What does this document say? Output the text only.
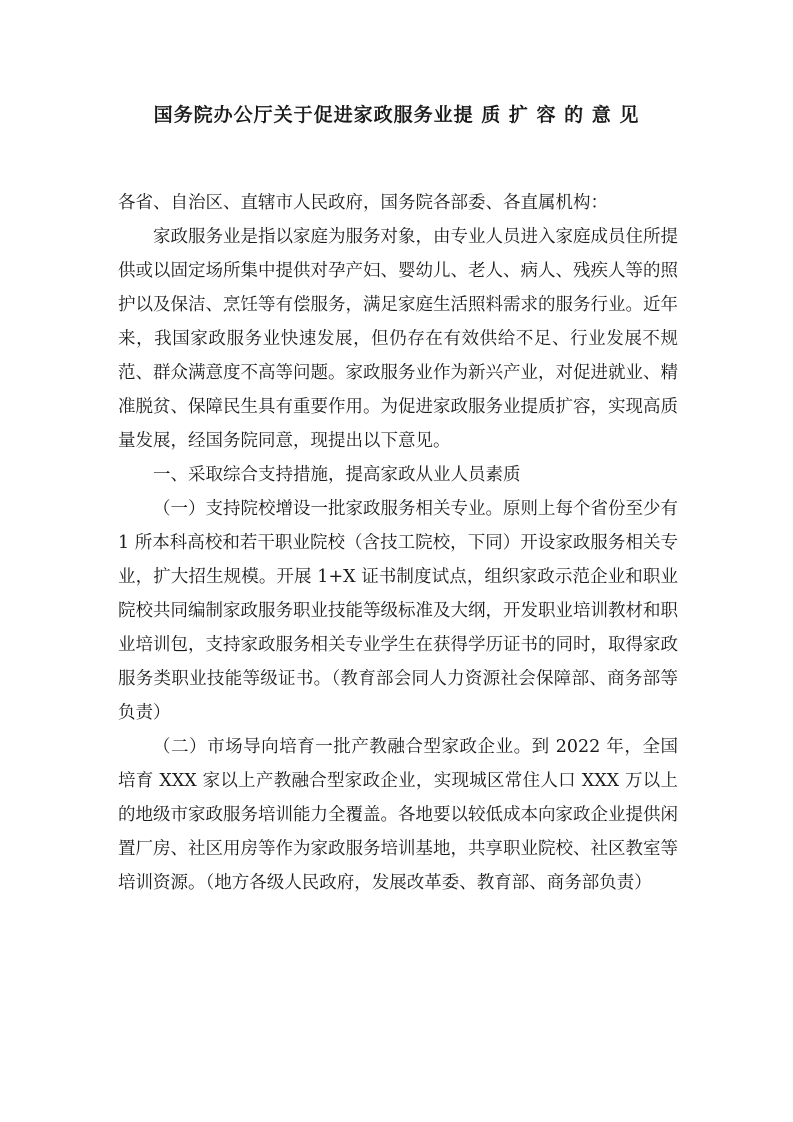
国务院办公厅关于促进家政服务业提 质 扩 容 的 意 见

各省、自治区、直辖市人民政府，国务院各部委、各直属机构：

家政服务业是指以家庭为服务对象，由专业人员进入家庭成员住所提供或以固定场所集中提供对孕产妇、婴幼儿、老人、病人、残疾人等的照护以及保洁、烹饪等有偿服务，满足家庭生活照料需求的服务行业。近年来，我国家政服务业快速发展，但仍存在有效供给不足、行业发展不规范、群众满意度不高等问题。家政服务业作为新兴产业，对促进就业、精准脱贫、保障民生具有重要作用。为促进家政服务业提质扩容，实现高质量发展，经国务院同意，现提出以下意见。

一、采取综合支持措施，提高家政从业人员素质

（一）支持院校增设一批家政服务相关专业。原则上每个省份至少有 1 所本科高校和若干职业院校（含技工院校，下同）开设家政服务相关专业，扩大招生规模。开展 1+X 证书制度试点，组织家政示范企业和职业院校共同编制家政服务职业技能等级标准及大纲，开发职业培训教材和职业培训包，支持家政服务相关专业学生在获得学历证书的同时，取得家政服务类职业技能等级证书。（教育部会同人力资源社会保障部、商务部等负责）

（二）市场导向培育一批产教融合型家政企业。到 2022 年，全国培育 XXX 家以上产教融合型家政企业，实现城区常住人口 XXX 万以上的地级市家政服务培训能力全覆盖。各地要以较低成本向家政企业提供闲置厂房、社区用房等作为家政服务培训基地，共享职业院校、社区教室等培训资源。（地方各级人民政府，发展改革委、教育部、商务部负责）
